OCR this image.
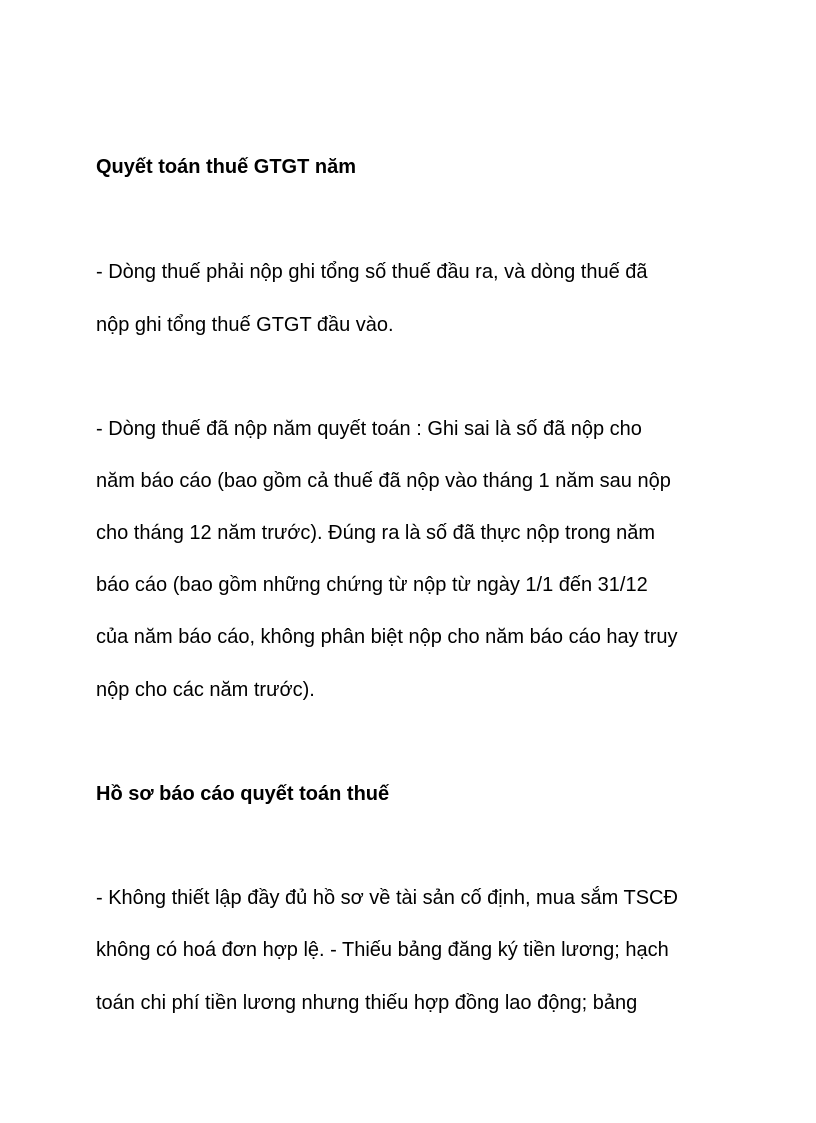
Quyết toán thuế GTGT năm
- Dòng thuế phải nộp ghi tổng số thuế đầu ra, và dòng thuế đã
nộp ghi tổng thuế GTGT đầu vào.
- Dòng thuế đã nộp năm quyết toán : Ghi sai là số đã nộp cho
năm báo cáo (bao gồm cả thuế đã nộp vào tháng 1 năm sau nộp
cho tháng 12 năm trước). Đúng ra là số đã thực nộp trong năm
báo cáo (bao gồm những chứng từ nộp từ ngày 1/1 đến 31/12
của năm báo cáo, không phân biệt nộp cho năm báo cáo hay truy
nộp cho các năm trước).
Hồ sơ báo cáo quyết toán thuế
- Không thiết lập đầy đủ hồ sơ về tài sản cố định, mua sắm TSCĐ
không có hoá đơn hợp lệ. - Thiếu bảng đăng ký tiền lương; hạch
toán chi phí tiền lương nhưng thiếu hợp đồng lao động; bảng
